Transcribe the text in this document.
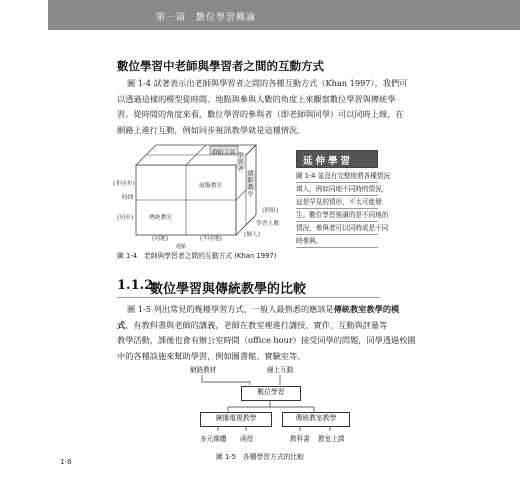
第一篇　數位學習概論
數位學習中老師與學習者之間的互動方式
圖 1-4 試著表示出老師與學習者之間的各種互動方式（Khan 1997），我們可
以透過這樣的模型從時間、地點與參與人數的角度上來觀察數位學習與傳統學
習。從時間的角度來看，數位學習的參與者（即老師與同學）可以同時上線，在
網路上進行互動，例如同步視訊教學就是這種情況。
群組工具
(非同步)
時間
(同步)
虛擬教室
傳統教室
(同地)	(不同地)
地點
學習者
遠距教學
(群組)
學習人數
(個人)
延伸學習
圖 1-4 並沒有完整地將各種情況
填入，例如同地不同時的情況，
這是罕見的情形，不太可能發
生。數位學習強調的是不同地的
情況，參與者可以同時或是不同
時參與。
圖 1-4　老師與學習者之間的互動方式 (Khan 1997)
1.1.2
數位學習與傳統教學的比較
圖 1-5 列出常見的幾種學習方式，一般人最熟悉的應該是傳統教室教學的模
式，有教科書與老師的講義，老師在教室裡進行講授、實作、互動與評量等
教學活動，課後也會有辦公室時間（office hour）接受同學的問題，同學透過校園
中的各種設施來幫助學習，例如圖書館、實驗室等。
網路教材	線上互動
數位學習
廣播電視教學	傳統教室教學
多元媒體 函授	教科書 教室上課
圖 1-5　各種學習方式的比較
1-8
